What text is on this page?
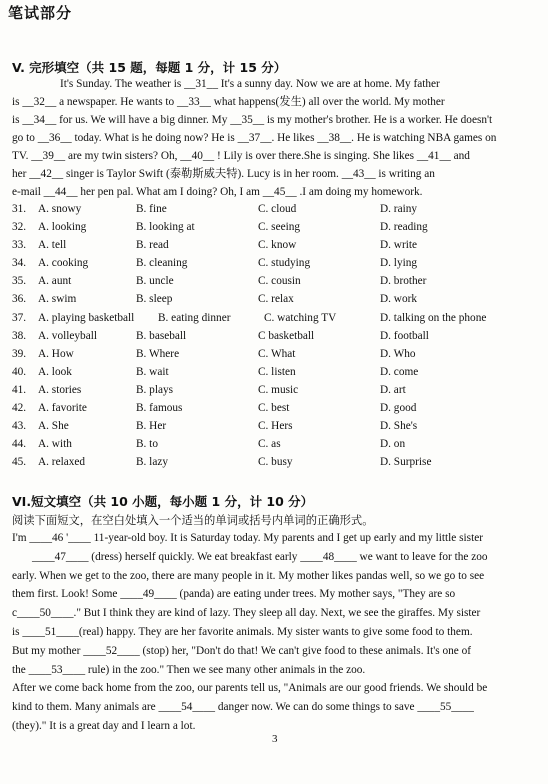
笔试部分
V. 完形填空（共 15 题，每题 1 分，计 15 分）

It's Sunday. The weather is __31__ It's a sunny day. Now we are at home. My father

is __32__ a newspaper. He wants to __33__ what happens(发生) all over the world. My mother

is __34__ for us. We will have a big dinner. My __35__ is my mother's brother. He is a worker. He doesn't

go to __36__ today. What is he doing now? He is __37__. He likes __38__. He is watching NBA games on

TV. __39__ are my twin sisters? Oh, __40__ ! Lily is over there.She is singing. She likes __41__ and

her __42__ singer is Taylor Swift (泰勒斯威夫特). Lucy is in her room. __43__ is writing an

e-mail __44__ her pen pal. What am I doing? Oh, I am __45__ .I am doing my homework.

31. A. snowy	B. fine	C. cloud	D. rainy
32. A. looking	B. looking at	C. seeing	D. reading
33. A. tell	B. read	C. know	D. write
34. A. cooking	B. cleaning	C. studying	D. lying
35. A. aunt	B. uncle	C. cousin	D. brother
36. A. swim	B. sleep	C. relax	D. work
37. A. playing basketball B. eating dinner	C. watching TV	D. talking on the phone
38. A. volleyball	B. baseball	C basketball	D. football
39. A. How	B. Where	C. What	D. Who
40. A. look	B. wait	C. listen	D. come
41. A. stories	B. plays	C. music	D. art
42. A. favorite	B. famous	C. best	D. good
43. A. She	B. Her	C. Hers	D. She's
44. A. with	B. to	C. as	D. on
45. A. relaxed	B. lazy	C. busy	D. Surprise
VI.短文填空（共 10 小题，每小题 1 分，计 10 分）
阅读下面短文，在空白处填入一个适当的单词或括号内单词的正确形式。

I'm ____46 '____ 11-year-old boy. It is Saturday today. My parents and I get up early and my little sister

____47____ (dress) herself quickly. We eat breakfast early ____48____ we want to leave for the zoo

early. When we get to the zoo, there are many people in it. My mother likes pandas well, so we go to see

them first. Look! Some ____49____ (panda) are eating under trees. My mother says, "They are so

c____50____." But I think they are kind of lazy. They sleep all day. Next, we see the giraffes. My sister

is ____51____(real) happy. They are her favorite animals. My sister wants to give some food to them.

But my mother ____52____ (stop) her, "Don't do that! We can't give food to these animals. It's one of

the ____53____ rule) in the zoo." Then we see many other animals in the zoo.

After we come back home from the zoo, our parents tell us, "Animals are our good friends. We should be

kind to them. Many animals are ____54____ danger now. We can do some things to save ____55____

(they)." It is a great day and I learn a lot.

3
